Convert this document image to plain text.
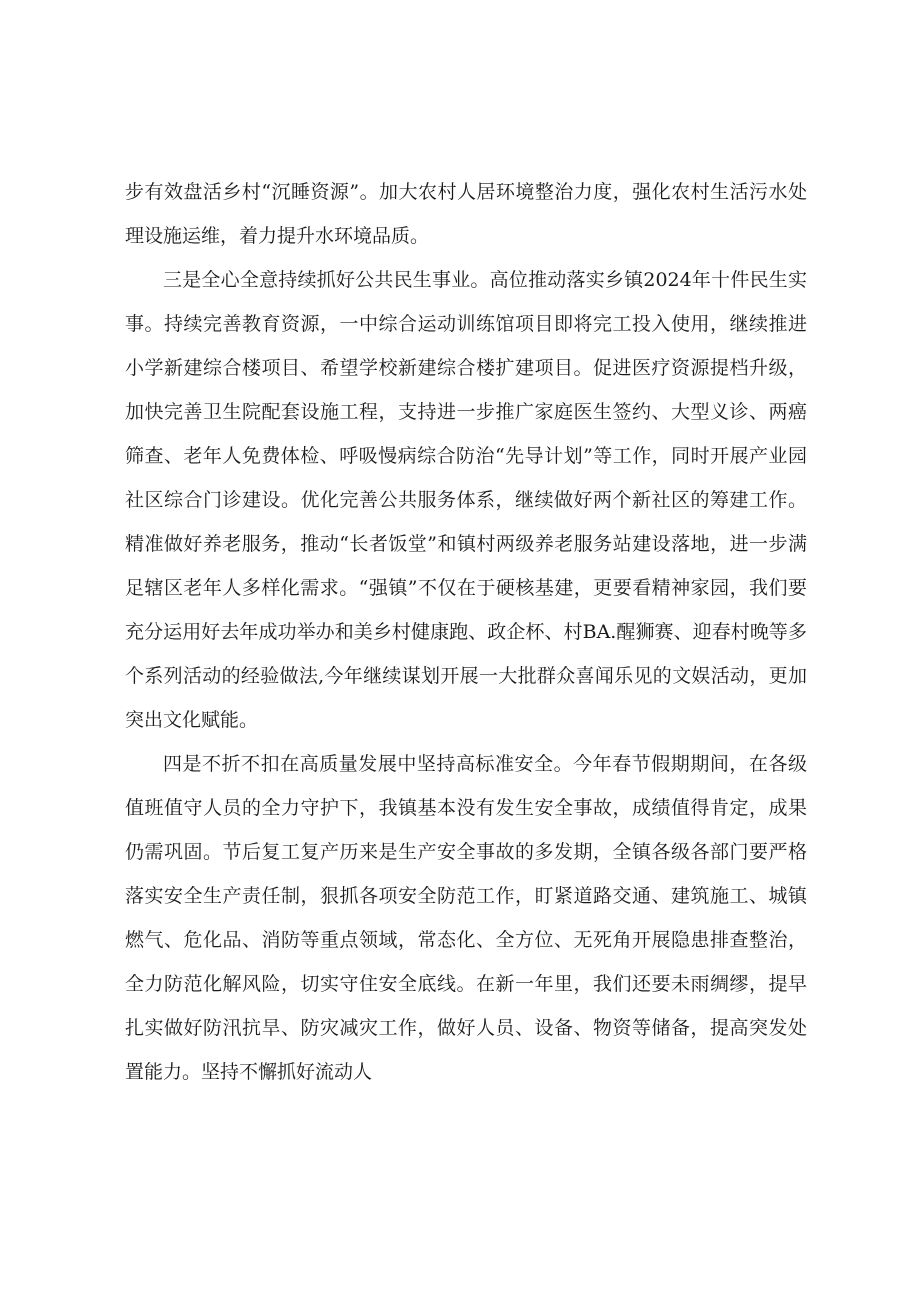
步有效盘活乡村“沉睡资源”。加大农村人居环境整治力度，强化农村生活污水处理设施运维，着力提升水环境品质。

三是全心全意持续抓好公共民生事业。高位推动落实乡镇2024年十件民生实事。持续完善教育资源，一中综合运动训练馆项目即将完工投入使用，继续推进小学新建综合楼项目、希望学校新建综合楼扩建项目。促进医疗资源提档升级，加快完善卫生院配套设施工程，支持进一步推广家庭医生签约、大型义诊、两癌筛查、老年人免费体检、呼吸慢病综合防治“先导计划”等工作，同时开展产业园社区综合门诊建设。优化完善公共服务体系，继续做好两个新社区的筹建工作。精准做好养老服务，推动“长者饭堂”和镇村两级养老服务站建设落地，进一步满足辖区老年人多样化需求。“强镇”不仅在于硬核基建，更要看精神家园，我们要充分运用好去年成功举办和美乡村健康跑、政企杯、村BA.醒狮赛、迎春村晚等多个系列活动的经验做法,今年继续谋划开展一大批群众喜闻乐见的文娱活动，更加突出文化赋能。

四是不折不扣在高质量发展中坚持高标准安全。今年春节假期期间，在各级值班值守人员的全力守护下，我镇基本没有发生安全事故，成绩值得肯定，成果仍需巩固。节后复工复产历来是生产安全事故的多发期，全镇各级各部门要严格落实安全生产责任制，狠抓各项安全防范工作，盯紧道路交通、建筑施工、城镇燃气、危化品、消防等重点领域，常态化、全方位、无死角开展隐患排查整治，全力防范化解风险，切实守住安全底线。在新一年里，我们还要未雨绸缪，提早扎实做好防汛抗旱、防灾减灾工作，做好人员、设备、物资等储备，提高突发处置能力。坚持不懈抓好流动人
